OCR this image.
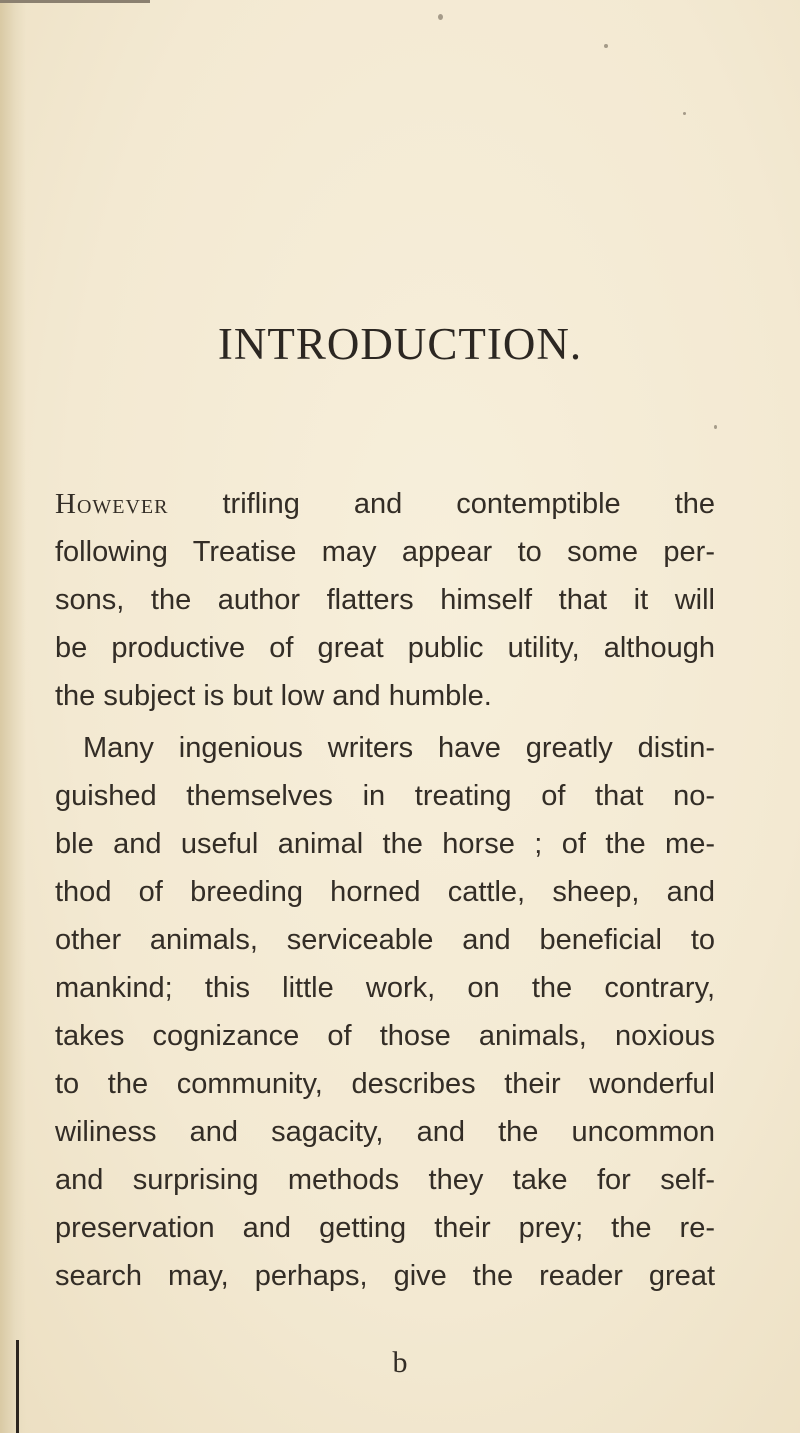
INTRODUCTION.
However trifling and contemptible the
following Treatise may appear to some per-
sons, the author flatters himself that it will
be productive of great public utility, although
the subject is but low and humble.
Many ingenious writers have greatly distin-
guished themselves in treating of that no-
ble and useful animal the horse ; of the me-
thod of breeding horned cattle, sheep, and
other animals, serviceable and beneficial to
mankind; this little work, on the contrary,
takes cognizance of those animals, noxious
to the community, describes their wonderful
wiliness and sagacity, and the uncommon
and surprising methods they take for self-
preservation and getting their prey; the re-
search may, perhaps, give the reader great
b
